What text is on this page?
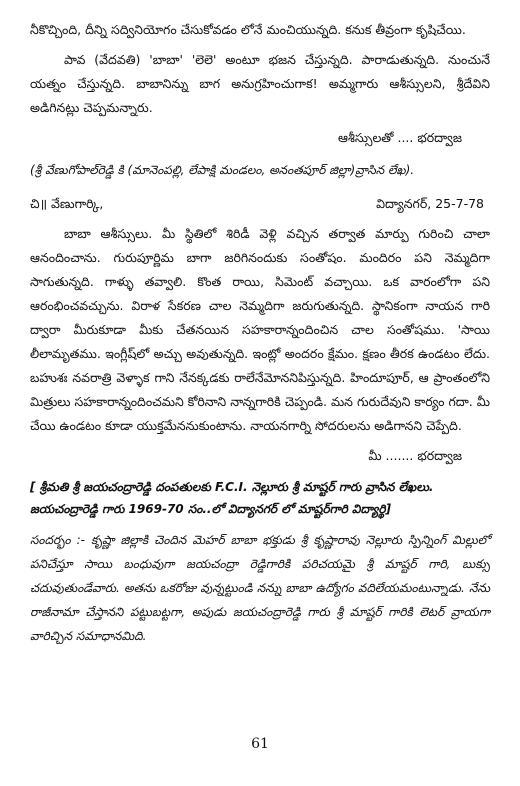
నీకొచ్చింది, దీన్ని సద్వినియోగం చేసుకోవడం లోనే మంచియున్నది. కనుక తీవ్రంగా కృషిచేయి.

పావ (వేదవతి) 'బాబా' 'లెలె' అంటూ భజన చేస్తున్నది. పారాడుతున్నది. నుంచునే యత్నం చేస్తున్నది. బాబానిన్ను బాగ అనుగ్రహించుగాక! అమ్మగారు ఆశీస్సులని, శ్రీదేవిని అడిగినట్లు చెప్పమన్నారు.

ఆశీస్సులతో .... భరద్వాజ

(శ్రీ వేణుగోపాల్‌రెడ్డి కి (మానెంపల్లి, లేపాక్షి మండలం, అనంతపూర్ జిల్లా)వ్రాసిన లేఖ).

చి॥ వేణుగార్కి,	విద్యానగర్, 25-7-78

బాబా ఆశీస్సులు. మీ స్థితిలో శిరిడీ వెళ్లి వచ్చిన తర్వాత మార్పు గురించి చాలా ఆనందించాను. గురుపూర్ణిమ బాగా జరిగినందుకు సంతోషం. మందిరం పని నెమ్మదిగా సాగుతున్నది. గాళ్ళు తవ్వాలి. కొంత రాయి, సిమెంట్ వచ్చాయి. ఒక వారంలోగా పని ఆరంభించవచ్చును. విరాళ సేకరణ చాల నెమ్మదిగా జరుగుతున్నది. స్థానికంగా నాయన గారి ద్వారా మీరుకూడా మీకు చేతనయిన సహకారాన్నందించిన చాల సంతోషము. 'సాయి లీలామృతము. ఇంగ్లీష్‌లో అచ్చు అవుతున్నది. ఇంట్లో అందరం క్షేమం. క్షణం తీరక ఉండటం లేదు. బహుశః నవరాత్రి వెళ్ళాక గాని నేనక్కడకు రాలేనేమోననిపిస్తున్నది. హిందూపూర్, ఆ ప్రాంతంలోని మిత్రులు సహకారాన్నందించమని కోరినాని నాన్నగారికి చెప్పండి. మన గురుదేవుని కార్యం గదా. మీ చేయి ఉండటం కూడా యుక్తమేననుకుంటాను. నాయనగార్ని సోదరులను అడిగానని చెప్పేది.

మీ ....... భరద్వాజ

[ శ్రీమతి శ్రీ జయచంద్రారెడ్డి దంపతులకు F.C.I. నెల్లూరు శ్రీ మాష్టర్ గారు వ్రాసిన లేఖలు. జయచంద్రారెడ్డి గారు 1969-70 సం..లో విద్యానగర్ లో మాష్టర్‌గారి విద్యార్థి]

సందర్భం :- కృష్ణా జిల్లాకి చెందిన మెహర్ బాబా భక్తుడు శ్రీ కృష్ణారావు నెల్లూరు స్పిన్నింగ్ మిల్లులో పనిచేస్తూ సాయి బంధువుగా జయచంద్రా రెడ్డిగారికి పరిచయమై శ్రీ మాష్టర్ గారి, బుక్సు చదువుతుండేవారు. అతను ఒకరోజు వున్నట్టుండి నన్ను బాబా ఉద్యోగం వదిలేయమంటున్నాడు. నేను రాజీనామా చేస్తానని పట్టుబట్టగా, అపుడు జయచంద్రారెడ్డి గారు శ్రీ మాష్టర్ గారికి లెటర్ వ్రాయగా వారిచ్చిన సమాధానమిది.

61
